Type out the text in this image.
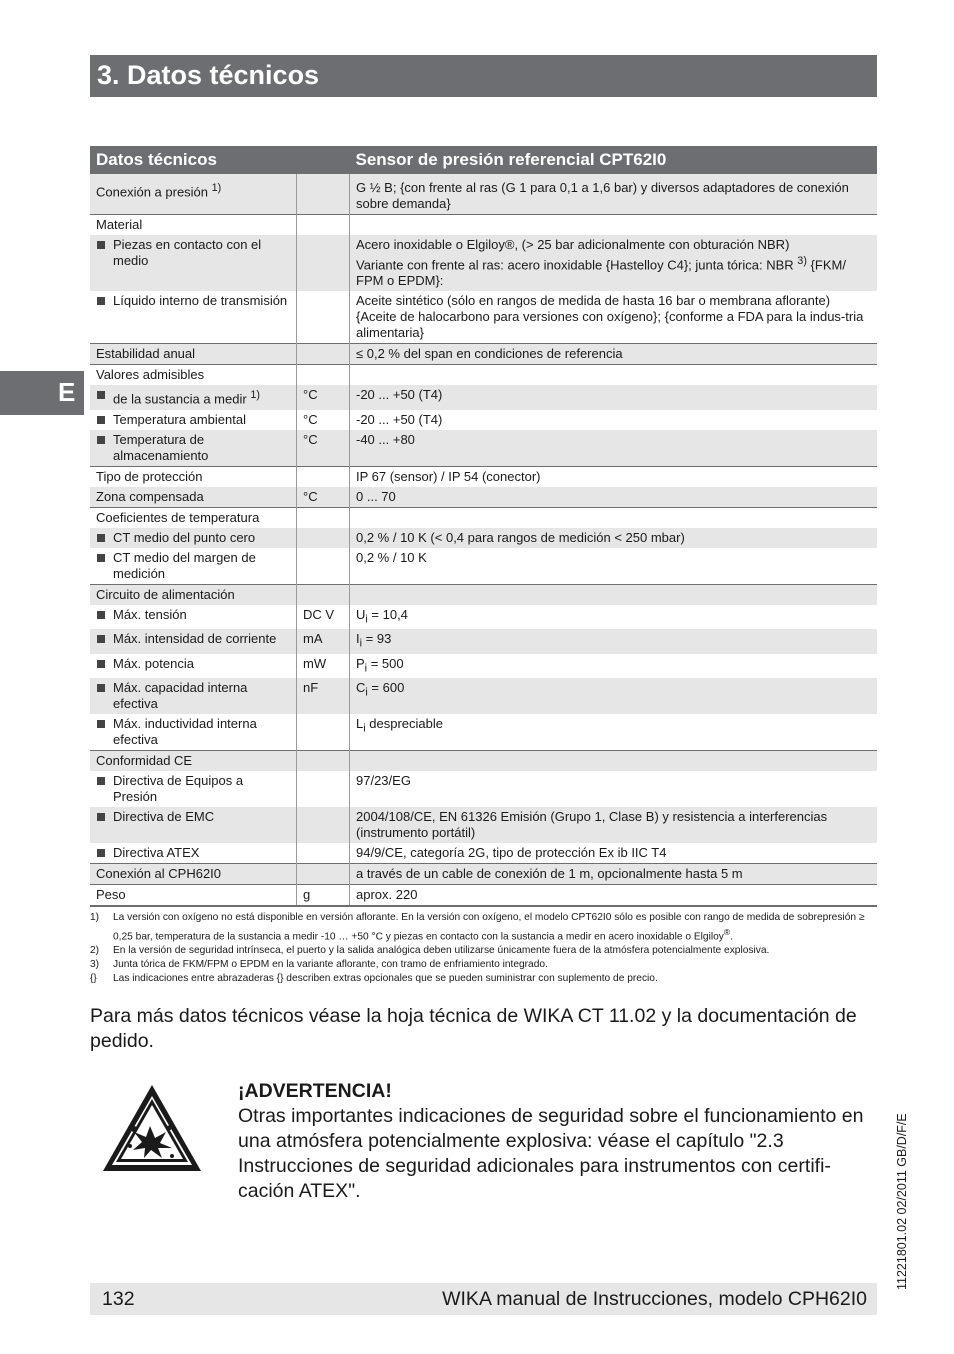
3. Datos técnicos
E
Datos técnicos		Sensor de presión referencial CPT62I0
Conexión a presión $^{1)}$		G ½ B; {con frente al ras (G 1 para 0,1 a 1,6 bar) y diversos adaptadores de conexión sobre demanda}
Material		

Piezas en contacto con el medio		Acero inoxidable o Elgiloy®, (> 25 bar adicionalmente con obturación NBR)
Variante con frente al ras: acero inoxidable {Hastelloy C4}; junta tórica: NBR $^{3)}$ {FKM/ FPM o EPDM}:

Líquido interno de transmisión		Aceite sintético (sólo en rangos de medida de hasta 16 bar o membrana aflorante) {Aceite de halocarbono para versiones con oxígeno}; {conforme a FDA para la indus-tria alimentaria}
Estabilidad anual		≤ 0,2 % del span en condiciones de referencia
Valores admisibles		

de la sustancia a medir $^{1)}$	°C	-20 ... +50 (T4)

Temperatura ambiental	°C	-20 ... +50 (T4)

Temperatura de almacenamiento	°C	-40 ... +80
Tipo de protección		IP 67 (sensor) / IP 54 (conector)
Zona compensada	°C	0 ... 70
Coeficientes de temperatura		

CT medio del punto cero		0,2 % / 10 K (< 0,4 para rangos de medición < 250 mbar)

CT medio del margen de medición		0,2 % / 10 K
Circuito de alimentación		

Máx. tensión	DC V	$U_i = 10,4$

Máx. intensidad de corriente	mA	$I_i = 93$

Máx. potencia	mW	$P_i = 500$

Máx. capacidad interna efectiva	nF	$C_i = 600$

Máx. inductividad interna efectiva		$L_i$ despreciable
Conformidad CE		

Directiva de Equipos a Presión		97/23/EG

Directiva de EMC		2004/108/CE, EN 61326 Emisión (Grupo 1, Clase B) y resistencia a interferencias (instrumento portátil)

Directiva ATEX		94/9/CE, categoría 2G, tipo de protección Ex ib IIC T4
Conexión al CPH62I0		a través de un cable de conexión de 1 m, opcionalmente hasta 5 m
Peso	g	aprox. 220
1)	La versión con oxígeno no está disponible en versión aflorante. En la versión con oxígeno, el modelo CPT62I0 sólo es posible con rango de medida de sobrepresión ≥ 0,25 bar, temperatura de la sustancia a medir -10 … +50 °C y piezas en contacto con la sustancia a medir en acero inoxidable o Elgiloy®.
2)	En la versión de seguridad intrínseca, el puerto y la salida analógica deben utilizarse únicamente fuera de la atmósfera potencialmente explosiva.
3)	Junta tórica de FKM/FPM o EPDM en la variante aflorante, con tramo de enfriamiento integrado.
{}	Las indicaciones entre abrazaderas {} describen extras opcionales que se pueden suministrar con suplemento de precio.
Para más datos técnicos véase la hoja técnica de WIKA CT 11.02 y la documentación de pedido.
¡ADVERTENCIA!
Otras importantes indicaciones de seguridad sobre el funcionamiento en una atmósfera potencialmente explosiva: véase el capítulo "2.3 Instrucciones de seguridad adicionales para instrumentos con certifi-cación ATEX".	11221801.02 02/2011 GB/D/F/E
132	WIKA manual de Instrucciones, modelo CPH62I0
